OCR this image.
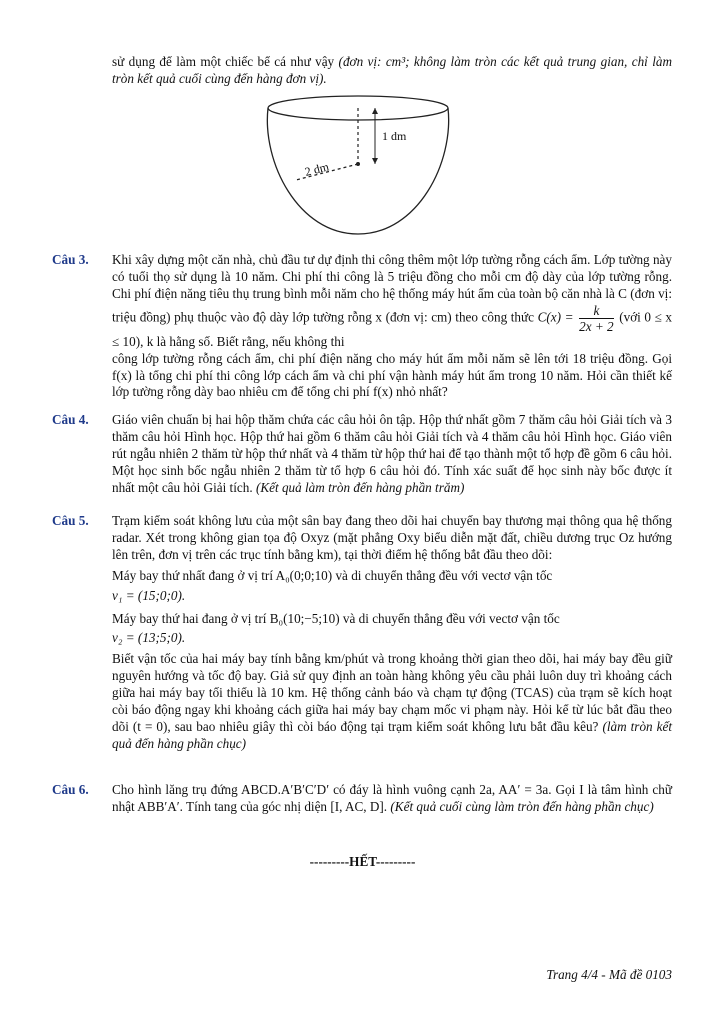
sử dụng để làm một chiếc bể cá như vậy (đơn vị: cm³; không làm tròn các kết quả trung gian, chỉ làm tròn kết quả cuối cùng đến hàng đơn vị).
1 dm
2 dm
Câu 3.	Khi xây dựng một căn nhà, chủ đầu tư dự định thi công thêm một lớp tường rỗng cách ẩm. Lớp tường này có tuổi thọ sử dụng là 10 năm. Chi phí thi công là 5 triệu đồng cho mỗi cm độ dày của lớp tường rỗng. Chi phí điện năng tiêu thụ trung bình mỗi năm cho hệ thống máy hút ẩm của toàn bộ căn nhà là C (đơn vị: triệu đồng) phụ thuộc vào độ dày lớp tường rỗng x (đơn vị: cm) theo công thức $C(x) = \frac{k}{2x + 2}$ (với 0 ≤ x ≤ 10), k là hằng số. Biết rằng, nếu không thi

công lớp tường rỗng cách ẩm, chi phí điện năng cho máy hút ẩm mỗi năm sẽ lên tới 18 triệu đồng. Gọi f(x) là tổng chi phí thi công lớp cách ẩm và chi phí vận hành máy hút ẩm trong 10 năm. Hỏi cần thiết kế lớp tường rỗng dày bao nhiêu cm để tổng chi phí f(x) nhỏ nhất?

Câu 4.	Giáo viên chuẩn bị hai hộp thăm chứa các câu hỏi ôn tập. Hộp thứ nhất gồm 7 thăm câu hỏi Giải tích và 3 thăm câu hỏi Hình học. Hộp thứ hai gồm 6 thăm câu hỏi Giải tích và 4 thăm câu hỏi Hình học. Giáo viên rút ngẫu nhiên 2 thăm từ hộp thứ nhất và 4 thăm từ hộp thứ hai để tạo thành một tổ hợp đề gồm 6 câu hỏi. Một học sinh bốc ngẫu nhiên 2 thăm từ tổ hợp 6 câu hỏi đó. Tính xác suất để học sinh này bốc được ít nhất một câu hỏi Giải tích. (Kết quả làm tròn đến hàng phần trăm)

Câu 5.	Trạm kiểm soát không lưu của một sân bay đang theo dõi hai chuyến bay thương mại thông qua hệ thống radar. Xét trong không gian tọa độ Oxyz (mặt phẳng Oxy biểu diễn mặt đất, chiều dương trục Oz hướng lên trên, đơn vị trên các trục tính bằng km), tại thời điểm hệ thống bắt đầu theo dõi:

Máy bay thứ nhất đang ở vị trí A₀(0;0;10) và di chuyển thẳng đều với vectơ vận tốc

v₁ = (15;0;0).

Máy bay thứ hai đang ở vị trí B₀(10;−5;10) và di chuyển thẳng đều với vectơ vận tốc

v₂ = (13;5;0).

Biết vận tốc của hai máy bay tính bằng km/phút và trong khoảng thời gian theo dõi, hai máy bay đều giữ nguyên hướng và tốc độ bay. Giả sử quy định an toàn hàng không yêu cầu phải luôn duy trì khoảng cách giữa hai máy bay tối thiểu là 10 km. Hệ thống cảnh báo và chạm tự động (TCAS) của trạm sẽ kích hoạt còi báo động ngay khi khoảng cách giữa hai máy bay chạm mốc vi phạm này. Hỏi kể từ lúc bắt đầu theo dõi (t = 0), sau bao nhiêu giây thì còi báo động tại trạm kiểm soát không lưu bắt đầu kêu? (làm tròn kết quả đến hàng phần chục)

Câu 6.	Cho hình lăng trụ đứng ABCD.A′B′C′D′ có đáy là hình vuông cạnh 2a, AA′ = 3a. Gọi I là tâm hình chữ nhật ABB′A′. Tính tang của góc nhị diện [I, AC, D]. (Kết quả cuối cùng làm tròn đến hàng phần chục)

---------HẾT---------
Trang 4/4 - Mã đề 0103
